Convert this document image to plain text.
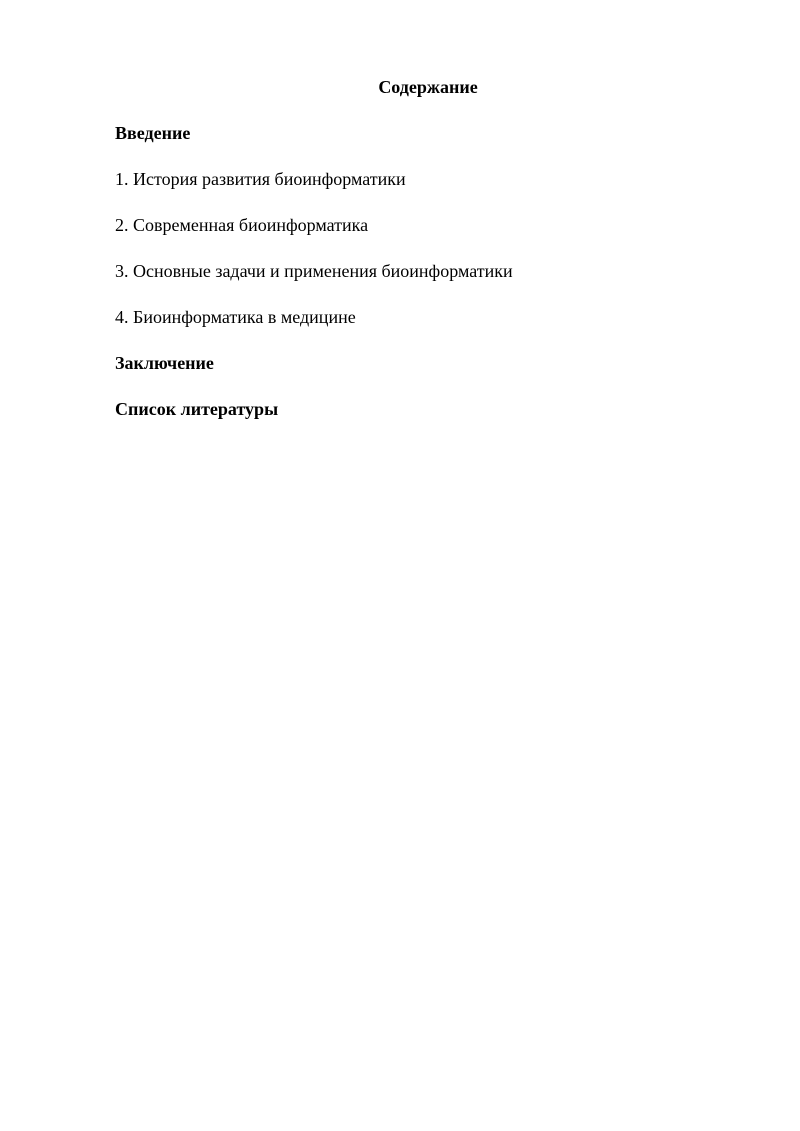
Содержание
Введение
1. История развития биоинформатики
2. Современная биоинформатика
3. Основные задачи и применения биоинформатики
4. Биоинформатика в медицине
Заключение
Список литературы
